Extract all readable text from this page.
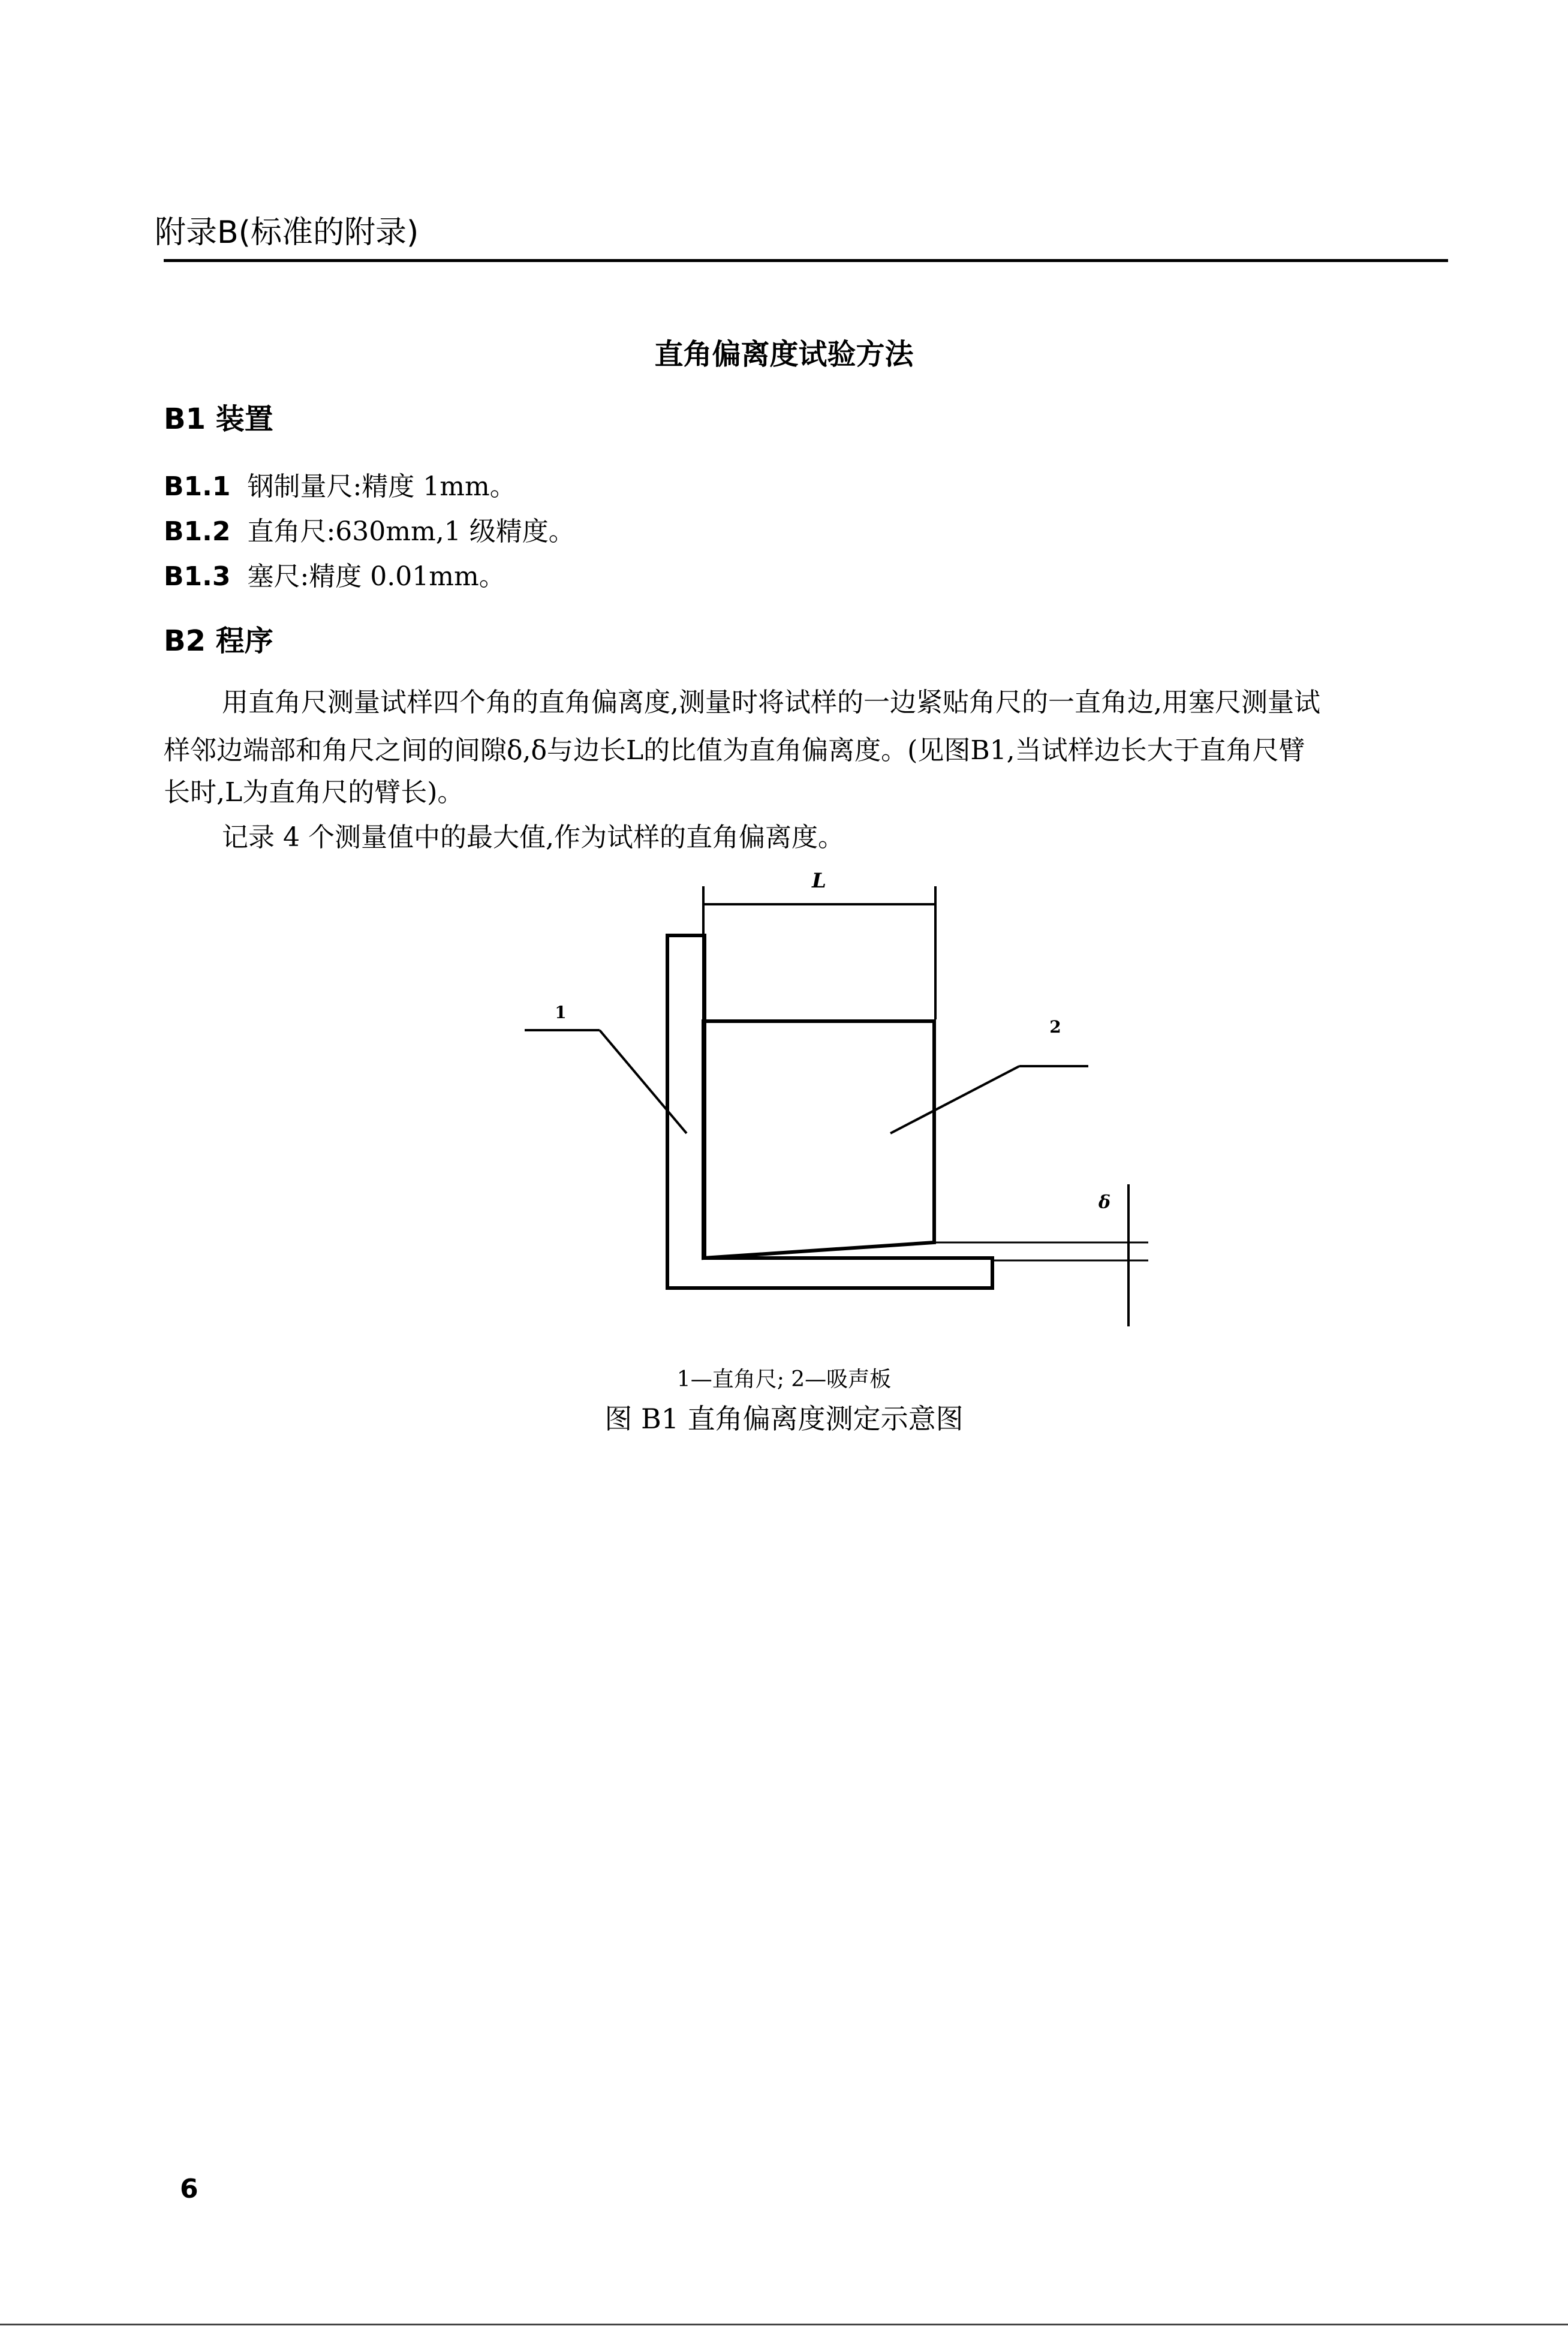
附录B(标准的附录)
直角偏离度试验方法
B1 装置
B1.1 钢制量尺:精度 1mm。
B1.2 直角尺:630mm,1 级精度。
B1.3 塞尺:精度 0.01mm。
B2 程序
用直角尺测量试样四个角的直角偏离度,测量时将试样的一边紧贴角尺的一直角边,用塞尺测量试
样邻边端部和角尺之间的间隙δ,δ与边长L的比值为直角偏离度。(见图B1,当试样边长大于直角尺臂
长时,L为直角尺的臂长)。
记录 4 个测量值中的最大值,作为试样的直角偏离度。
L
1
2
δ
1—直角尺; 2—吸声板
图 B1 直角偏离度测定示意图
6
